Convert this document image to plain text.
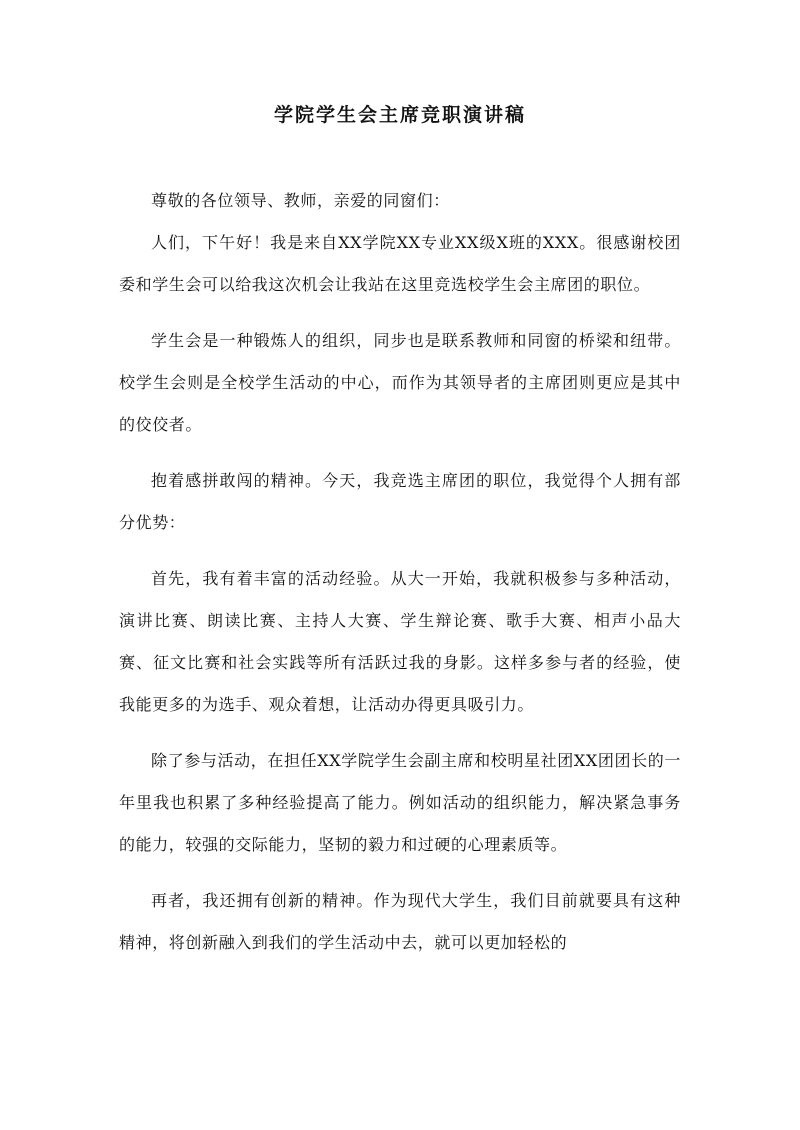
学院学生会主席竞职演讲稿

尊敬的各位领导、教师，亲爱的同窗们：

人们，下午好！我是来自XX学院XX专业XX级X班的XXX。很感谢校团委和学生会可以给我这次机会让我站在这里竞选校学生会主席团的职位。

学生会是一种锻炼人的组织，同步也是联系教师和同窗的桥梁和纽带。校学生会则是全校学生活动的中心，而作为其领导者的主席团则更应是其中的佼佼者。

抱着感拼敢闯的精神。今天，我竞选主席团的职位，我觉得个人拥有部分优势：

首先，我有着丰富的活动经验。从大一开始，我就积极参与多种活动，演讲比赛、朗读比赛、主持人大赛、学生辩论赛、歌手大赛、相声小品大赛、征文比赛和社会实践等所有活跃过我的身影。这样多参与者的经验，使我能更多的为选手、观众着想，让活动办得更具吸引力。

除了参与活动，在担任XX学院学生会副主席和校明星社团XX团团长的一年里我也积累了多种经验提高了能力。例如活动的组织能力，解决紧急事务的能力，较强的交际能力，坚韧的毅力和过硬的心理素质等。

再者，我还拥有创新的精神。作为现代大学生，我们目前就要具有这种精神，将创新融入到我们的学生活动中去，就可以更加轻松的
